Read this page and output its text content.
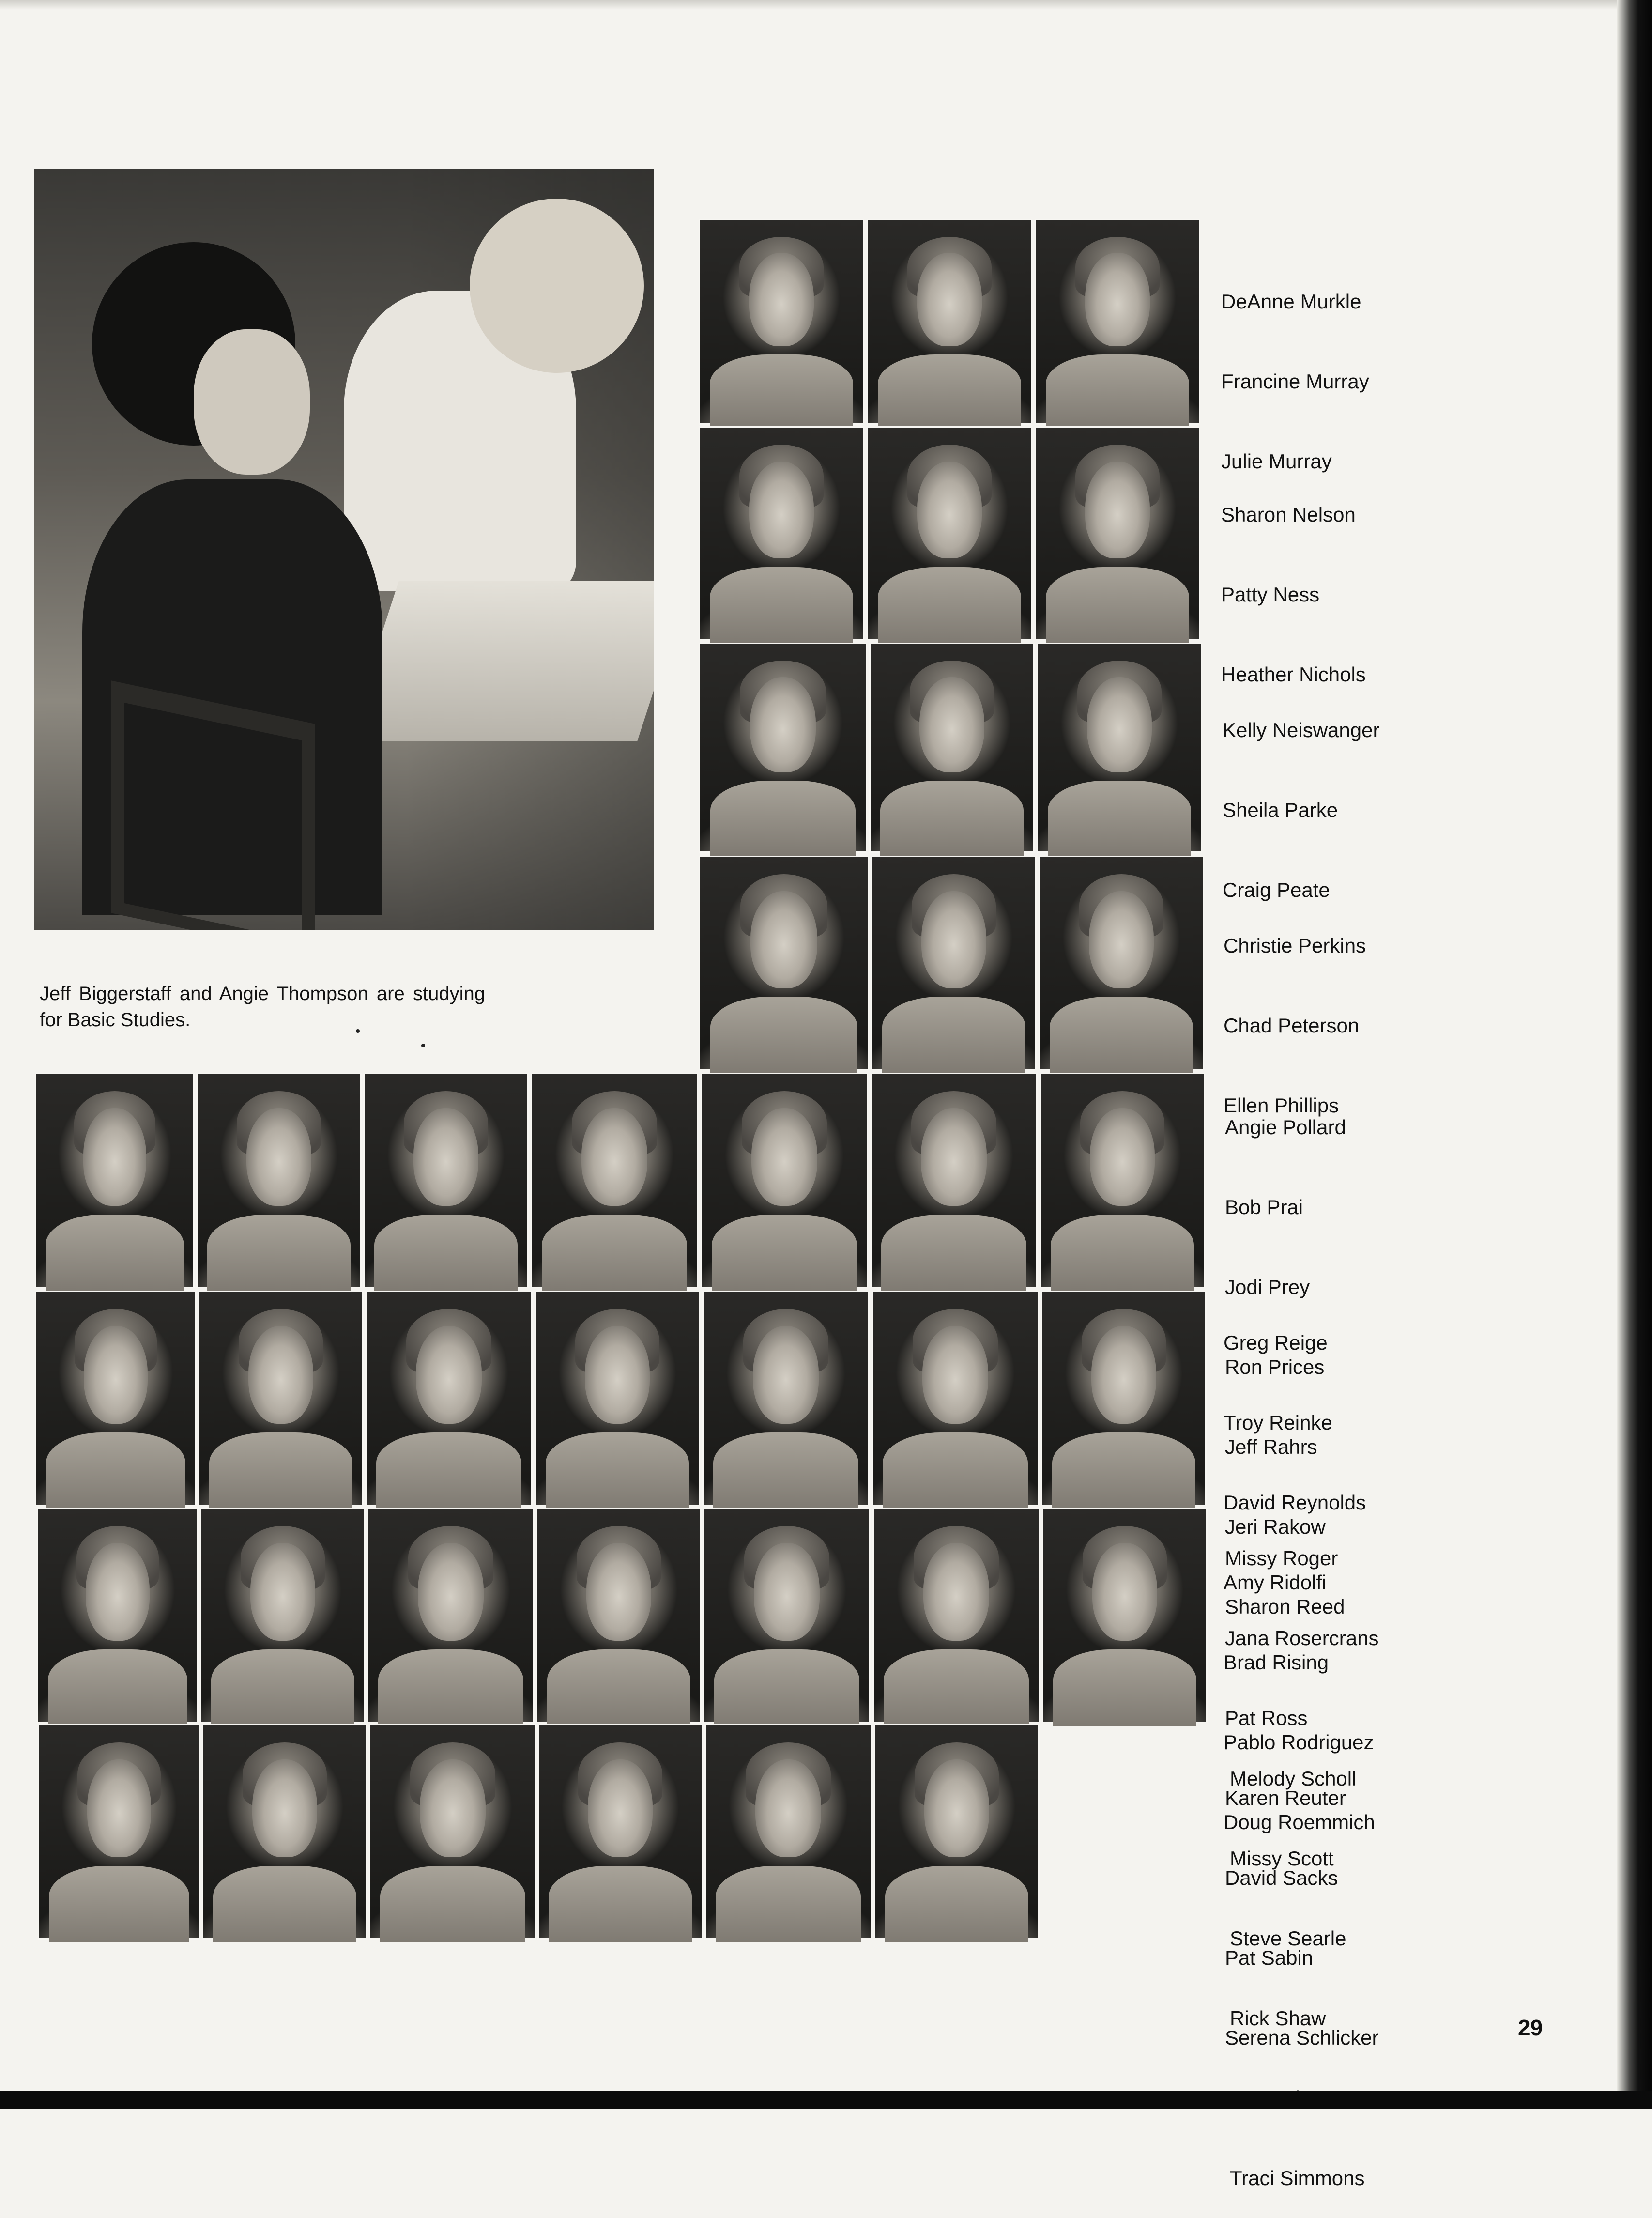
Jeff Biggerstaff and Angie Thompson are studying for Basic Studies.

DeAnne Murkle

Francine Murray

Julie Murray

Sharon Nelson

Patty Ness

Heather Nichols

Kelly Neiswanger

Sheila Parke

Craig Peate

Christie Perkins

Chad Peterson

Ellen Phillips

Angie Pollard

Bob Prai

Jodi Prey

Ron Prices

Jeff Rahrs

Jeri Rakow

Sharon Reed

Greg Reige

Troy Reinke

David Reynolds

Amy Ridolfi

Brad Rising

Pablo Rodriguez

Doug Roemmich

Missy Roger

Jana Rosercrans

Pat Ross

Karen Reuter

David Sacks

Pat Sabin

Serena Schlicker

Melody Scholl

Missy Scott

Steve Searle

Rick Shaw

Traci Simmons

29
